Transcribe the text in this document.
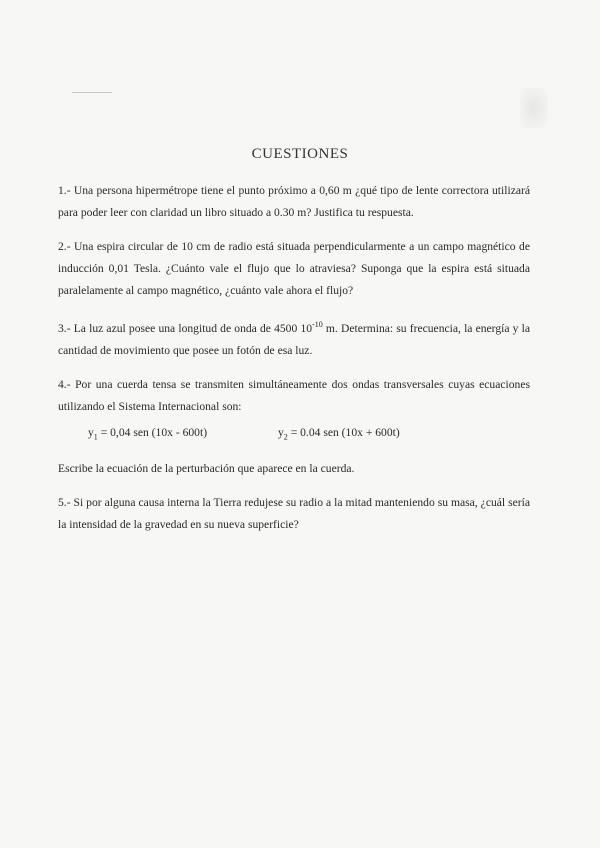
CUESTIONES

1.- Una persona hipermétrope tiene el punto próximo a 0,60 m ¿qué tipo de lente correctora utilizará para poder leer con claridad un libro situado a 0.30 m? Justifica tu respuesta.

2.- Una espira circular de 10 cm de radio está situada perpendicularmente a un campo magnético de inducción 0,01 Tesla. ¿Cuánto vale el flujo que lo atraviesa? Suponga que la espira está situada paralelamente al campo magnético, ¿cuánto vale ahora el flujo?

3.- La luz azul posee una longitud de onda de 4500 $10^{-10}$ m. Determina: su frecuencia, la energía y la cantidad de movimiento que posee un fotón de esa luz.

4.- Por una cuerda tensa se transmiten simultáneamente dos ondas transversales cuyas ecuaciones utilizando el Sistema Internacional son:

$y_1 = 0,04$ sen (10x - 600t)	$y_2 = 0.04$ sen (10x + 600t)

Escribe la ecuación de la perturbación que aparece en la cuerda.

5.- Si por alguna causa interna la Tierra redujese su radio a la mitad manteniendo su masa, ¿cuál sería la intensidad de la gravedad en su nueva superficie?
